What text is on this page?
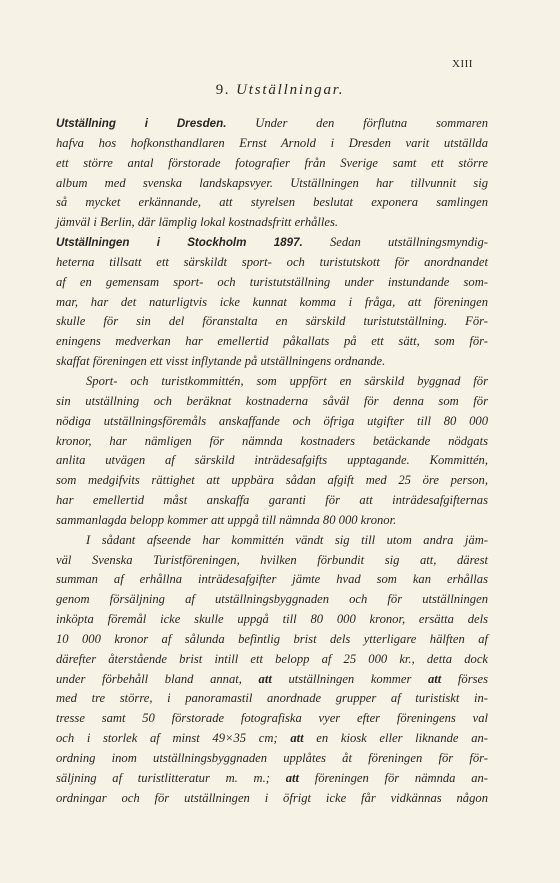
XIII
9. Utställningar.
Utställning i Dresden. Under den förflutna sommaren
hafva hos hofkonsthandlaren Ernst Arnold i Dresden varit utställda
ett större antal förstorade fotografier från Sverige samt ett större
album med svenska landskapsvyer. Utställningen har tillvunnit sig
så mycket erkännande, att styrelsen beslutat exponera samlingen
jämväl i Berlin, där lämplig lokal kostnadsfritt erhålles.
Utställningen i Stockholm 1897. Sedan utställningsmyndig-
heterna tillsatt ett särskildt sport- och turistutskott för anordnandet
af en gemensam sport- och turistutställning under instundande som-
mar, har det naturligtvis icke kunnat komma i fråga, att föreningen
skulle för sin del föranstalta en särskild turistutställning. För-
eningens medverkan har emellertid påkallats på ett sätt, som för-
skaffat föreningen ett visst inflytande på utställningens ordnande.
Sport- och turistkommittén, som uppfört en särskild byggnad för
sin utställning och beräknat kostnaderna såväl för denna som för
nödiga utställningsföremåls anskaffande och öfriga utgifter till 80 000
kronor, har nämligen för nämnda kostnaders betäckande nödgats
anlita utvägen af särskild inträdesafgifts upptagande. Kommittén,
som medgifvits rättighet att uppbära sådan afgift med 25 öre person,
har emellertid måst anskaffa garanti för att inträdesafgifternas
sammanlagda belopp kommer att uppgå till nämnda 80 000 kronor.
I sådant afseende har kommittén vändt sig till utom andra jäm-
väl Svenska Turistföreningen, hvilken förbundit sig att, därest
summan af erhållna inträdesafgifter jämte hvad som kan erhållas
genom försäljning af utställningsbyggnaden och för utställningen
inköpta föremål icke skulle uppgå till 80 000 kronor, ersätta dels
10 000 kronor af sålunda befintlig brist dels ytterligare hälften af
därefter återstående brist intill ett belopp af 25 000 kr., detta dock
under förbehåll bland annat, att utställningen kommer att förses
med tre större, i panoramastil anordnade grupper af turistiskt in-
tresse samt 50 förstorade fotografiska vyer efter föreningens val
och i storlek af minst 49×35 cm; att en kiosk eller liknande an-
ordning inom utställningsbyggnaden upplåtes åt föreningen för för-
säljning af turistlitteratur m. m.; att föreningen för nämnda an-
ordningar och för utställningen i öfrigt icke får vidkännas någon
